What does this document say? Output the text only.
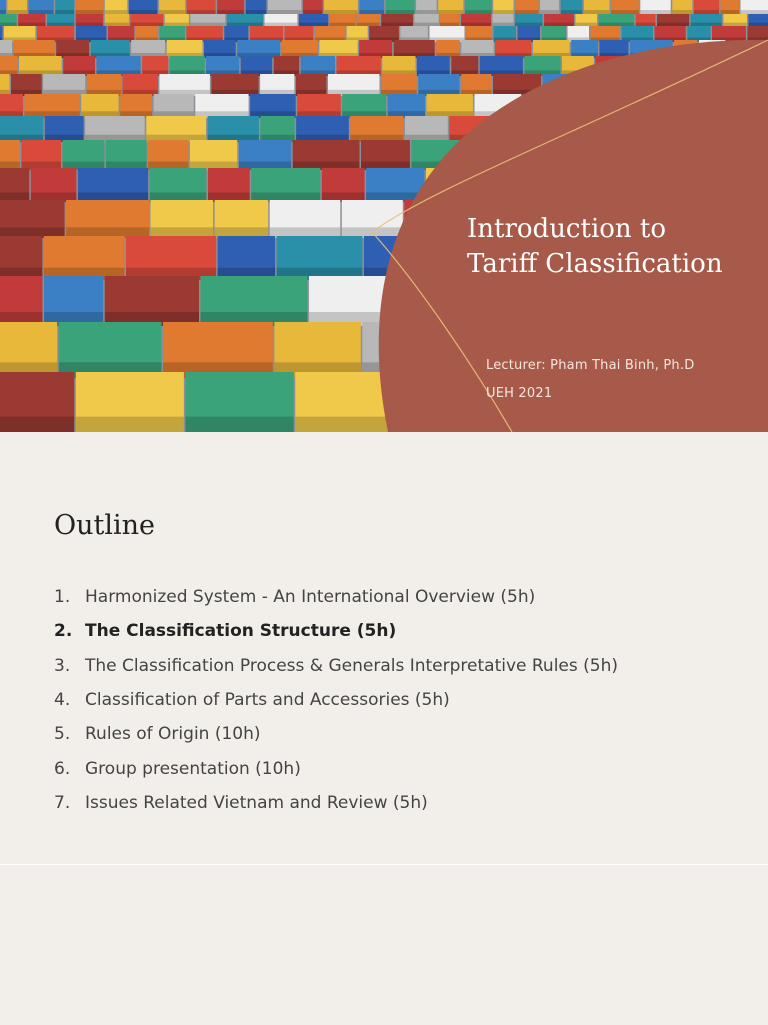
Introduction to
Tariff Classification
Lecturer: Pham Thai Binh, Ph.D
UEH 2021
Outline
1. Harmonized System - An International Overview (5h)
2. The Classification Structure (5h)
3. The Classification Process & Generals Interpretative Rules (5h)
4. Classification of Parts and Accessories (5h)
5. Rules of Origin (10h)
6. Group presentation (10h)
7. Issues Related Vietnam and Review (5h)
